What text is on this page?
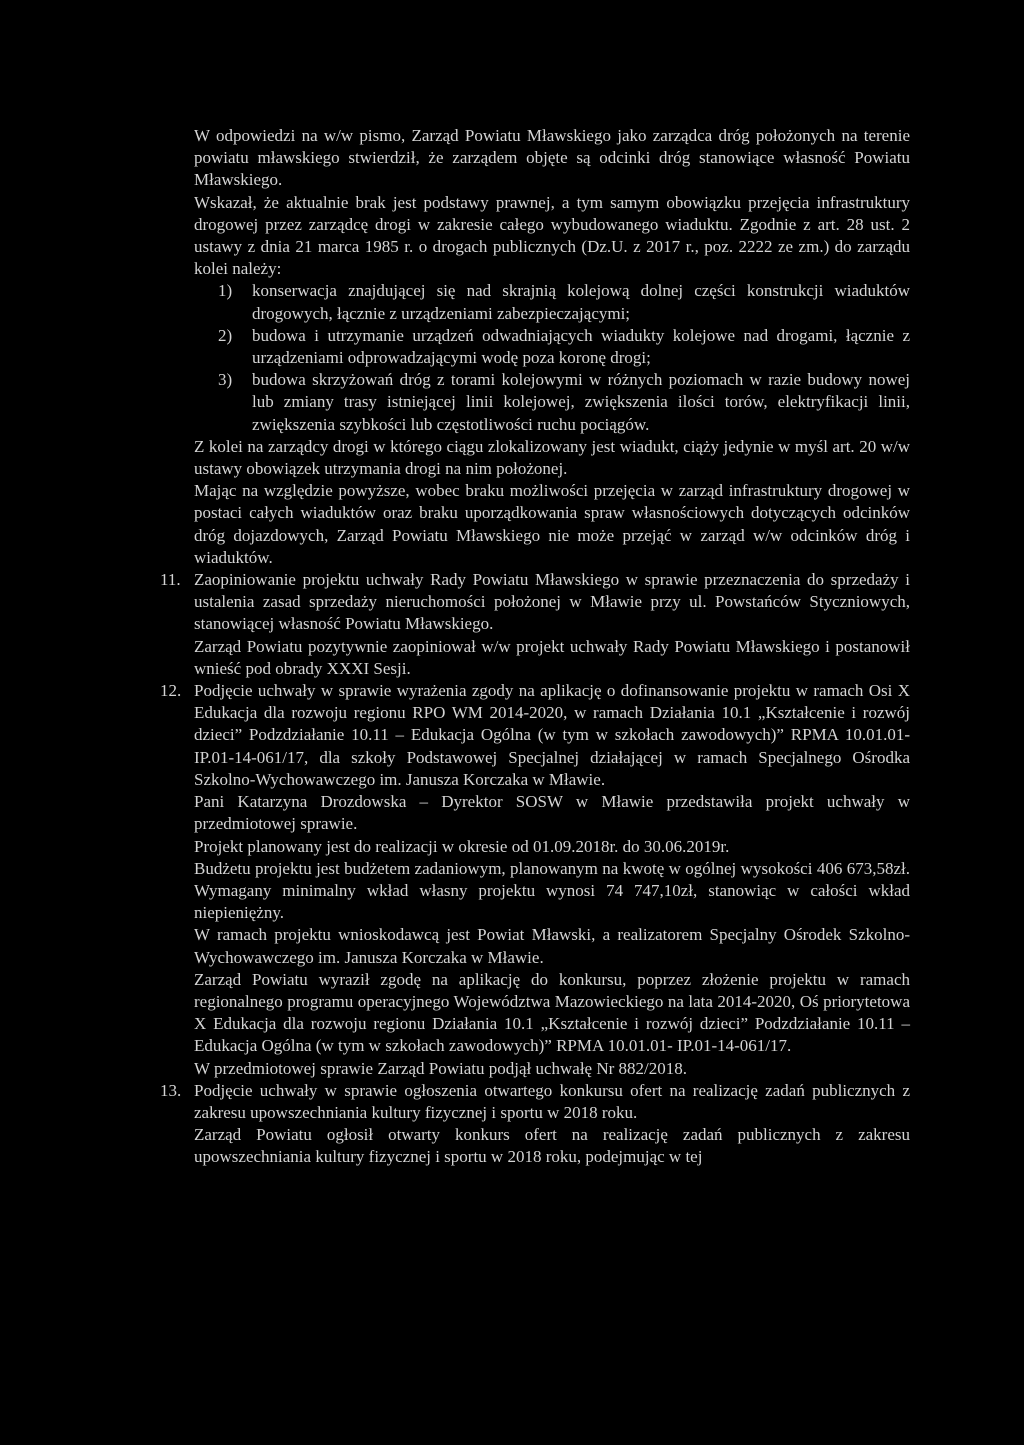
W odpowiedzi na w/w pismo, Zarząd Powiatu Mławskiego jako zarządca dróg położonych na terenie powiatu mławskiego stwierdził, że zarządem objęte są odcinki dróg stanowiące własność Powiatu Mławskiego.

Wskazał, że aktualnie brak jest podstawy prawnej, a tym samym obowiązku przejęcia infrastruktury drogowej przez zarządcę drogi w zakresie całego wybudowanego wiaduktu. Zgodnie z art. 28 ust. 2 ustawy z dnia 21 marca 1985 r. o drogach publicznych (Dz.U. z 2017 r., poz. 2222 ze zm.) do zarządu kolei należy:

1)	konserwacja znajdującej się nad skrajnią kolejową dolnej części konstrukcji wiaduktów drogowych, łącznie z urządzeniami zabezpieczającymi;
2)	budowa i utrzymanie urządzeń odwadniających wiadukty kolejowe nad drogami, łącznie z urządzeniami odprowadzającymi wodę poza koronę drogi;
3)	budowa skrzyżowań dróg z torami kolejowymi w różnych poziomach w razie budowy nowej lub zmiany trasy istniejącej linii kolejowej, zwiększenia ilości torów, elektryfikacji linii, zwiększenia szybkości lub częstotliwości ruchu pociągów.

Z kolei na zarządcy drogi w którego ciągu zlokalizowany jest wiadukt, ciąży jedynie w myśl art. 20 w/w ustawy obowiązek utrzymania drogi na nim położonej.

Mając na względzie powyższe, wobec braku możliwości przejęcia w zarząd infrastruktury drogowej w postaci całych wiaduktów oraz braku uporządkowania spraw własnościowych dotyczących odcinków dróg dojazdowych, Zarząd Powiatu Mławskiego nie może przejąć w zarząd w/w odcinków dróg i wiaduktów.

11. Zaopiniowanie projektu uchwały Rady Powiatu Mławskiego w sprawie przeznaczenia do sprzedaży i ustalenia zasad sprzedaży nieruchomości położonej w Mławie przy ul. Powstańców Styczniowych, stanowiącej własność Powiatu Mławskiego.

Zarząd Powiatu pozytywnie zaopiniował w/w projekt uchwały Rady Powiatu Mławskiego i postanowił wnieść pod obrady XXXI Sesji.

12. Podjęcie uchwały w sprawie wyrażenia zgody na aplikację o dofinansowanie projektu w ramach Osi X Edukacja dla rozwoju regionu RPO WM 2014-2020, w ramach Działania 10.1 „Kształcenie i rozwój dzieci” Podzdziałanie 10.11 – Edukacja Ogólna (w tym w szkołach zawodowych)” RPMA 10.01.01- IP.01-14-061/17, dla szkoły Podstawowej Specjalnej działającej w ramach Specjalnego Ośrodka Szkolno-Wychowawczego im. Janusza Korczaka w Mławie.

Pani Katarzyna Drozdowska – Dyrektor SOSW w Mławie przedstawiła projekt uchwały w przedmiotowej sprawie.

Projekt planowany jest do realizacji w okresie od 01.09.2018r. do 30.06.2019r.

Budżetu projektu jest budżetem zadaniowym, planowanym na kwotę w ogólnej wysokości 406 673,58zł. Wymagany minimalny wkład własny projektu wynosi 74 747,10zł, stanowiąc w całości wkład niepieniężny.

W ramach projektu wnioskodawcą jest Powiat Mławski, a realizatorem Specjalny Ośrodek Szkolno-Wychowawczego im. Janusza Korczaka w Mławie.

Zarząd Powiatu wyraził zgodę na aplikację do konkursu, poprzez złożenie projektu w ramach regionalnego programu operacyjnego Województwa Mazowieckiego na lata 2014-2020, Oś priorytetowa X Edukacja dla rozwoju regionu Działania 10.1 „Kształcenie i rozwój dzieci” Podzdziałanie 10.11 – Edukacja Ogólna (w tym w szkołach zawodowych)” RPMA 10.01.01- IP.01-14-061/17.

W przedmiotowej sprawie Zarząd Powiatu podjął uchwałę Nr 882/2018.

13. Podjęcie uchwały w sprawie ogłoszenia otwartego konkursu ofert na realizację zadań publicznych z zakresu upowszechniania kultury fizycznej i sportu w 2018 roku.

Zarząd Powiatu ogłosił otwarty konkurs ofert na realizację zadań publicznych z zakresu upowszechniania kultury fizycznej i sportu w 2018 roku, podejmując w tej
